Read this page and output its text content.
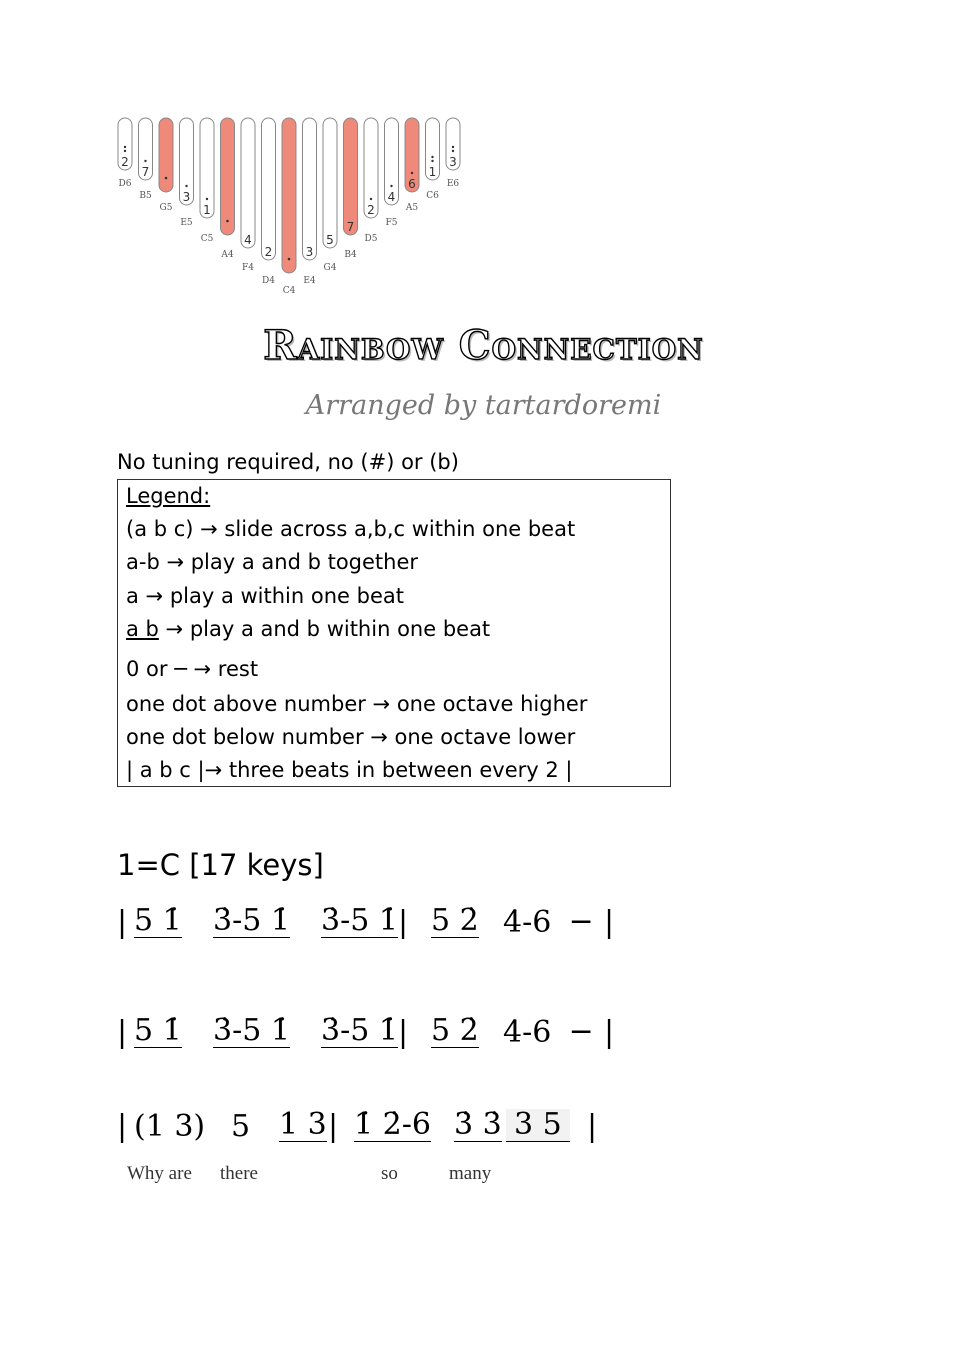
2
D6
7
B5
G5
3
E5
1
C5
A4
4
F4
2
D4
C4
3
E4
5
G4
7
B4
2
D5
4
F5
6
A5
1
C6
3
E6
Rainbow Connection
Arranged by tartardoremi
No tuning required, no (#) or (b)
Legend:
(a b c) → slide across a,b,c within one beat
a-b → play a and b together
a → play a within one beat
a b → play a and b within one beat
0 or ─ → rest
one dot above number → one octave higher
one dot below number → one octave lower
| a b c |→ three beats in between every 2 |
1=C [17 keys]
| 5 1̇ 3̇-5 1̇ 3̇-5 1̇ | 5 2̇ 4̇-6 ─ |
| 5 1̇ 3̇-5 1̇ 3̇-5 1̇ | 5 2̇ 4̇-6 ─ |
| (1 3) 5 1 3 | 1̇ 2̇-6 3̇ 3̇ 3 5 |
Why are there	so	many
